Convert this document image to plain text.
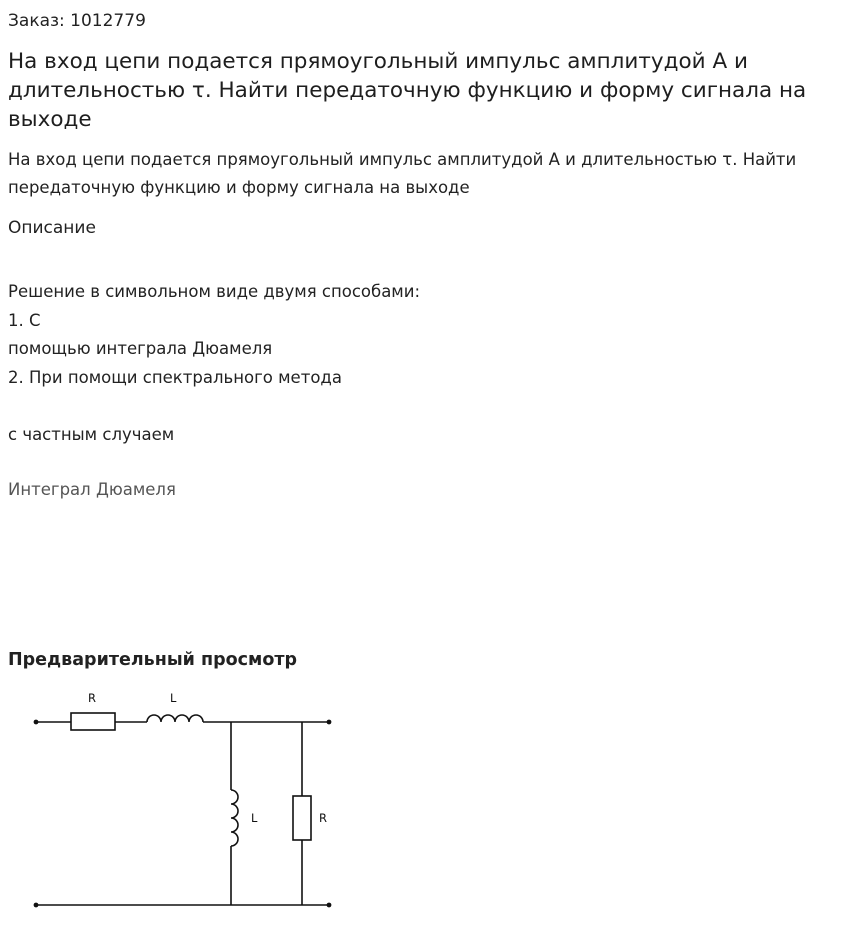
Заказ: 1012779
На вход цепи подается прямоугольный импульс амплитудой А и длительностью τ. Найти передаточную функцию и форму сигнала на выходе

На вход цепи подается прямоугольный импульс амплитудой А и длительностью τ. Найти передаточную функцию и форму сигнала на выходе

Описание
Решение в символьном виде двумя способами:
1. С
помощью интеграла Дюамеля
2. При помощи спектрального метода
с частным случаем
Интеграл Дюамеля
Предварительный просмотр
R	L
L	R
